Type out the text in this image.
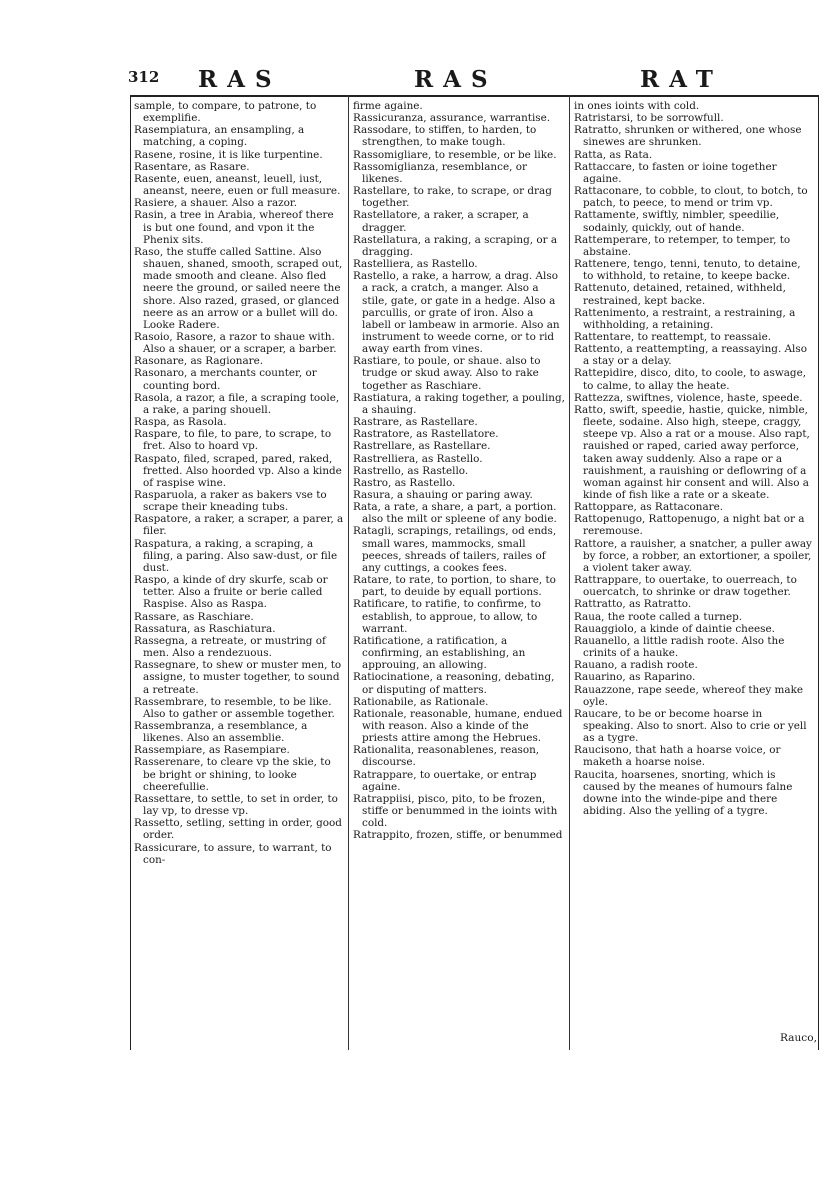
312 RAS	RAS	RAT

sample, to compare, to patrone, to exemplifie.

Rasempiatura, an ensampling, a matching, a coping.

Rasene, rosine, it is like turpentine.

Rasentare, as Rasare.

Rasente, euen, aneanst, leuell, iust, aneanst, neere, euen or full measure.

Rasiere, a shauer. Also a razor.

Rasin, a tree in Arabia, whereof there is but one found, and vpon it the Phenix sits.

Raso, the stuffe called Sattine. Also shauen, shaned, smooth, scraped out, made smooth and cleane. Also fled neere the ground, or sailed neere the shore. Also razed, grased, or glanced neere as an arrow or a bullet will do. Looke Radere.

Rasoio, Rasore, a razor to shaue with. Also a shauer, or a scraper, a barber.

Rasonare, as Ragionare.

Rasonaro, a merchants counter, or counting bord.

Rasola, a razor, a file, a scraping toole, a rake, a paring shouell.

Raspa, as Rasola.

Raspare, to file, to pare, to scrape, to fret. Also to hoard vp.

Raspato, filed, scraped, pared, raked, fretted. Also hoorded vp. Also a kinde of raspise wine.

Rasparuola, a raker as bakers vse to scrape their kneading tubs.

Raspatore, a raker, a scraper, a parer, a filer.

Raspatura, a raking, a scraping, a filing, a paring. Also saw-dust, or file dust.

Raspo, a kinde of dry skurfe, scab or tetter. Also a fruite or berie called Raspise. Also as Raspa.

Rassare, as Raschiare.

Rassatura, as Raschiatura.

Rassegna, a retreate, or mustring of men. Also a rendezuous.

Rassegnare, to shew or muster men, to assigne, to muster together, to sound a retreate.

Rassembrare, to resemble, to be like. Also to gather or assemble together.

Rassembranza, a resemblance, a likenes. Also an assemblie.

Rassempiare, as Rasempiare.

Rasserenare, to cleare vp the skie, to be bright or shining, to looke cheerefullie.

Rassettare, to settle, to set in order, to lay vp, to dresse vp.

Rassetto, setling, setting in order, good order.

Rassicurare, to assure, to warrant, to con-

firme againe.

Rassicuranza, assurance, warrantise.

Rassodare, to stiffen, to harden, to strengthen, to make tough.

Rassomigliare, to resemble, or be like.

Rassomiglianza, resemblance, or likenes.

Rastellare, to rake, to scrape, or drag together.

Rastellatore, a raker, a scraper, a dragger.

Rastellatura, a raking, a scraping, or a dragging.

Rastelliera, as Rastello.

Rastello, a rake, a harrow, a drag. Also a rack, a cratch, a manger. Also a stile, gate, or gate in a hedge. Also a parcullis, or grate of iron. Also a labell or lambeaw in armorie. Also an instrument to weede corne, or to rid away earth from vines.

Rastiare, to poule, or shaue. also to trudge or skud away. Also to rake together as Raschiare.

Rastiatura, a raking together, a pouling, a shauing.

Rastrare, as Rastellare.

Rastratore, as Rastellatore.

Rastrellare, as Rastellare.

Rastrelliera, as Rastello.

Rastrello, as Rastello.

Rastro, as Rastello.

Rasura, a shauing or paring away.

Rata, a rate, a share, a part, a portion. also the milt or spleene of any bodie.

Ratagli, scrapings, retailings, od ends, small wares, mammocks, small peeces, shreads of tailers, railes of any cuttings, a cookes fees.

Ratare, to rate, to portion, to share, to part, to deuide by equall portions.

Ratificare, to ratifie, to confirme, to establish, to approue, to allow, to warrant.

Ratificatione, a ratification, a confirming, an establishing, an approuing, an allowing.

Ratiocinatione, a reasoning, debating, or disputing of matters.

Rationabile, as Rationale.

Rationale, reasonable, humane, endued with reason. Also a kinde of the priests attire among the Hebrues.

Rationalita, reasonablenes, reason, discourse.

Ratrappare, to ouertake, or entrap againe.

Ratrappiisi, pisco, pito, to be frozen, stiffe or benummed in the ioints with cold.

Ratrappito, frozen, stiffe, or benummed

in ones ioints with cold.

Ratristarsi, to be sorrowfull.

Ratratto, shrunken or withered, one whose sinewes are shrunken.

Ratta, as Rata.

Rattaccare, to fasten or ioine together againe.

Rattaconare, to cobble, to clout, to botch, to patch, to peece, to mend or trim vp.

Rattamente, swiftly, nimbler, speedilie, sodainly, quickly, out of hande.

Rattemperare, to retemper, to temper, to abstaine.

Rattenere, tengo, tenni, tenuto, to detaine, to withhold, to retaine, to keepe backe.

Rattenuto, detained, retained, withheld, restrained, kept backe.

Rattenimento, a restraint, a restraining, a withholding, a retaining.

Rattentare, to reattempt, to reassaie.

Rattento, a reattempting, a reassaying. Also a stay or a delay.

Rattepidire, disco, dito, to coole, to aswage, to calme, to allay the heate.

Rattezza, swiftnes, violence, haste, speede.

Ratto, swift, speedie, hastie, quicke, nimble, fleete, sodaine. Also high, steepe, craggy, steepe vp. Also a rat or a mouse. Also rapt, rauished or raped, caried away perforce, taken away suddenly. Also a rape or a rauishment, a rauishing or deflowring of a woman against hir consent and will. Also a kinde of fish like a rate or a skeate.

Rattoppare, as Rattaconare.

Rattopenugo, Rattopenugo, a night bat or a reremouse.

Rattore, a rauisher, a snatcher, a puller away by force, a robber, an extortioner, a spoiler, a violent taker away.

Rattrappare, to ouertake, to ouerreach, to ouercatch, to shrinke or draw together.

Rattratto, as Ratratto.

Raua, the roote called a turnep.

Rauaggiolo, a kinde of daintie cheese.

Rauanello, a little radish roote. Also the crinits of a hauke.

Rauano, a radish roote.

Rauarino, as Raparino.

Rauazzone, rape seede, whereof they make oyle.

Raucare, to be or become hoarse in speaking. Also to snort. Also to crie or yell as a tygre.

Raucisono, that hath a hoarse voice, or maketh a hoarse noise.

Raucita, hoarsenes, snorting, which is caused by the meanes of humours falne downe into the winde-pipe and there abiding. Also the yelling of a tygre.

Rauco,
